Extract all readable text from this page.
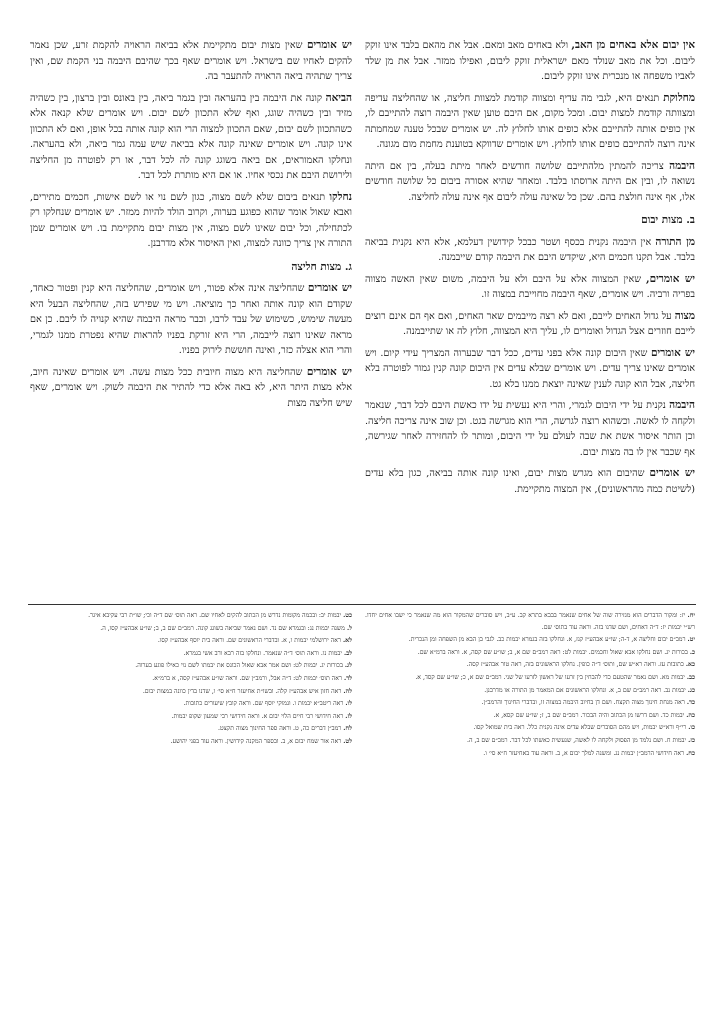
אין יבום אלא באחים מן האב, ולא באחים מאב ומאם. אבל את מהאם בלבד אינו זוקק ליבום. וכל את מאב שנולד מאם ישראלית זוקק ליבום, ואפילו ממזר. אבל את מן שלד לאביו משפחה או מנכרית אינו זוקק ליבום.
מחלוקת תנאים היא, לגבי מה עדיף ומצווה קודמת למצוות חליצה, או שהחליצה עדיפה ומצוותה קודמת למצות יבום. ומכל מקום, אם היבם טוען שאין היבמה רוצה להתייבם לו, אין כופים אותה להתייבם אלא כופים אותו לחלוץ לה. יש אומרים שבכל טענה שמחמתה אינה רוצה להתייבם כופים אותו לחלוץ. ויש אומרים שדווקא בטוענת מחמת מום מגונה.
היבמה צריכה להמתין מלהתייבם שלושה חודשים לאחר מיתת בעלה, בין אם היתה נשואה לו, ובין אם היתה ארוסתו בלבד. ומאחר שהיא אסורה ביבום כל שלושה חודשים אלו, אף אינה חולצת בהם. שכן כל שאינה עולה ליבום אף אינה עולה לחליצה.
ב. מצות יבום
מן התורה אין היבמה נקנית בכסף ושטר כבכל קידושין דעלמא, אלא היא נקנית בביאה בלבד. אבל תקנו חכמים היא, שיקדש היבם את היבמה קודם שייבמנה.
יש אומרים, שאין המצווה אלא על היבם ולא על היבמה, משום שאין האשה מצווה בפריה ורביה. ויש אומרים, שאף היבמה מחוייבת במצוה זו.
מצוה על גדול האחים לייבם, ואם לא רצה מייבמים שאר האחים, ואם אף הם אינם רוצים לייבם חוזרים אצל הגדול ואומרים לו, עליך היא המצווה, חלוץ לה או שתייבמנה.
יש אומרים שאין היבום קונה אלא בפני עדים, ככל דבר שבערוה המצריך עידי קיום. ויש אומרים שאינו צריך עדים. ויש אומרים שבלא עדים אין היבום קונה קנין גמור לפוטרה בלא חליצה, אבל הוא קונה לענין שאינה יוצאת ממנו בלא גט.
היבמה נקנית על ידי היבום לגמרי, והרי היא נעשית על ידו כאשת היבם לכל דבר, שנאמר ולקחה לו לאשה. וכשהוא רוצה לגרשה, הרי הוא מגרשה בגט. וכן שוב אינה צריכה חליצה. וכן הותר איסור אשת את שבה לעולם על ידי היבום, ומותר לו להחזירה לאחר שגירשה, אף שכבר אין לו בה מצות יבום.
יש אומרים שהיבום הוא מגרש מצות יבום, ואינו קונה אותה בביאה, כגון בלא עדים (לשיטת כמה מהראשונים), אין המצוה מתקיימת.
יש אומרים שאין מצות יבום מתקיימת אלא בביאה הראויה להקמת זרע, שכן נאמר להקים לאחיו שם בישראל. ויש אומרים שאף בכך שהיבם היבמה בני הקמת שם, ואין צריך שתהיה ביאה הראויה להתעבר בה.
הביאה קונה את היבמה בין בהעראה ובין בגמר ביאה, בין באונס ובין ברצון, בין כשהיה מזיד ובין כשהיה שוגג, ואף שלא התכוון לשם יבום. ויש אומרים שלא קנאה אלא כשהתכוון לשם יבום, שאם התכוון למצוה הרי הוא קונה אותה בכל אופן, ואם לא התכוון אינו קונה. ויש אומרים שאינה קונה אלא בביאה שיש עמה גמר ביאה, ולא בהעראה. ונחלקו האמוראים, אם ביאה בשוגג קונה לה לכל דבר, או רק לפוטרה מן החליצה ולירושת היבם את נכסי אחיו. או אם היא מותרת לכל דבר.
נחלקו תנאים ביבום שלא לשם מצוה, כגון לשם נוי או לשם אישות, חכמים מתירים, ואבא שאול אומר שהוא כפוגע בערוה, וקרוב הולד להיות ממזר. יש אומרים שנחלקו רק לכתחילה, וכל יבום שאינו לשם מצוה, אין מצות יבום מתקיימת בו. ויש אומרים שמן התורה אין צריך כוונה למצוה, ואין האיסור אלא מדרבנן.
ג. מצות חליצה
יש אומרים שהחליצה אינה אלא פטור, ויש אומרים, שהחליצה היא קנין ופטור כאחד, שקודם הוא קונה אותה ואחר כך מוציאה. ויש מי שפירש בזה, שהחליצה הבעל היא מעשה שימוש, כשימוש של עבד לרבו, וכבר מראה היבמה שהיא קנויה לו ליבם. כן אם מראה שאינו רוצה לייבמה, הרי היא זורקת בפניו להראות שהיא נפטרת ממנו לגמרי, והרי הוא אצלה כזר, ואינה חוששת לירוק בפניו.
יש אומרים שהחליצה היא מצוה חיובית ככל מצות עשה. ויש אומרים שאינה חיוב, אלא מצות היתר היא, לא באה אלא כדי להתיר את היבמה לשוק. ויש אומרים, שאף שיש חליצה מצות
יח. יז: ומקור הדברים הוא מגזירה שוה של אחים שנאמר בבבא בתרא קב. ע״ב, ויש סוברים שהמקור הוא מה שנאמר כי ישבו אחים יחדו. רש״י יבמות יז: ד״ה דאחים, ושם שדנו בזה. וראה עוד בתוס׳ שם.
יט. רמב״ם יבום וחליצה א, ד-ה; שו״ע אבהע״ז קנז, א. ונחלקו בזה בגמרא יבמות כב. לגבי בן הבא מן השפחה ומן הנכרית.
כ. בכורות יג. ושם נחלקו אבא שאול וחכמים. יבמות לט: ראה רמב״ם שם א, ב; שו״ע שם קסה, א. וראה ברמ״א שם.
כא. כתובות עז. וראה רא״ש שם, ותוס׳ ד״ה כופין. נחלקו הראשונים בזה, ראה טור אבהע״ז קסה.
כב. יבמות מא. ושם נאמר שהטעם כדי להבחין בין זרעו של ראשון לזרעו של שני. רמב״ם שם א, כ; שו״ע שם קסד, א.
כג. יבמות נב. ראה רמב״ם שם ב, א. ונחלקו הראשונים אם המאמר מן התורה או מדרבנן.
כד. ראה מנחת חינוך מצוה תקצח. ושם דן בחיוב היבמה במצוה זו, ובדברי החינוך והרמב״ן.
כה. יבמות כד. ושם דרשו מן הכתוב והיה הבכור. רמב״ם שם ב, ז; שו״ע שם קסא, א.
כו. רי״ף ורא״ש יבמות, ויש מהם הסוברים שבלא עדים אינה נקנית כלל. ראה בית שמואל קסו.
כז. יבמות ח. ושם נלמד מן הפסוק ולקחה לו לאשה, שנעשית כאשתו לכל דבר. רמב״ם שם ב, ה.
כח. ראה חידושי הרמב״ן יבמות נג. ומשנה למלך יבום א, ב. וראה עוד באחיעזר ח״א סי׳ ו.
כט. יבמות יב: ובכמה מקומות נדרש מן הכתוב להקים לאחיו שם. ראה תוס׳ שם ד״ה וכי; שו״ת רבי עקיבא איגר.
ל. משנה יבמות נג: ובגמרא שם נד. ושם נאמר שביאה בשוגג קונה. רמב״ם שם ב, ב; שו״ע אבהע״ז קסו, ה.
לא. ראה ירושלמי יבמות ו, א. ובדברי הראשונים שם. וראה בית יוסף אבהע״ז קסו.
לב. יבמות נו. וראה תוס׳ ד״ה שנאמר. ונחלקו בזה רבא ורב אשי בגמרא.
לג. בכורות יג. יבמות לט: ושם אמר אבא שאול הכונס את יבמתו לשם נוי כאילו פוגע בערוה.
לד. ראה תוס׳ יבמות לט: ד״ה אבל, ורמב״ן שם. וראה שו״ע אבהע״ז קסה, א ברמ״א.
לה. ראה חזון איש אבהע״ז קלה. ובשו״ת אחיעזר ח״א סי׳ ו, שדנו בדין כוונה במצות יבום.
לו. ראה ריטב״א יבמות ו. ונמוקי יוסף שם. וראה קובץ שיעורים כתובות.
לז. ראה חידושי רבי חיים הלוי יבום א. וראה חידושי רבי שמעון שקופ יבמות.
לח. רמב״ן דברים כה, ט. וראה ספר החינוך מצוה תקצט.
לט. ראה אור שמח יבום א, ב. ובספר המקנה קידושין. וראה עוד בפני יהושע.
